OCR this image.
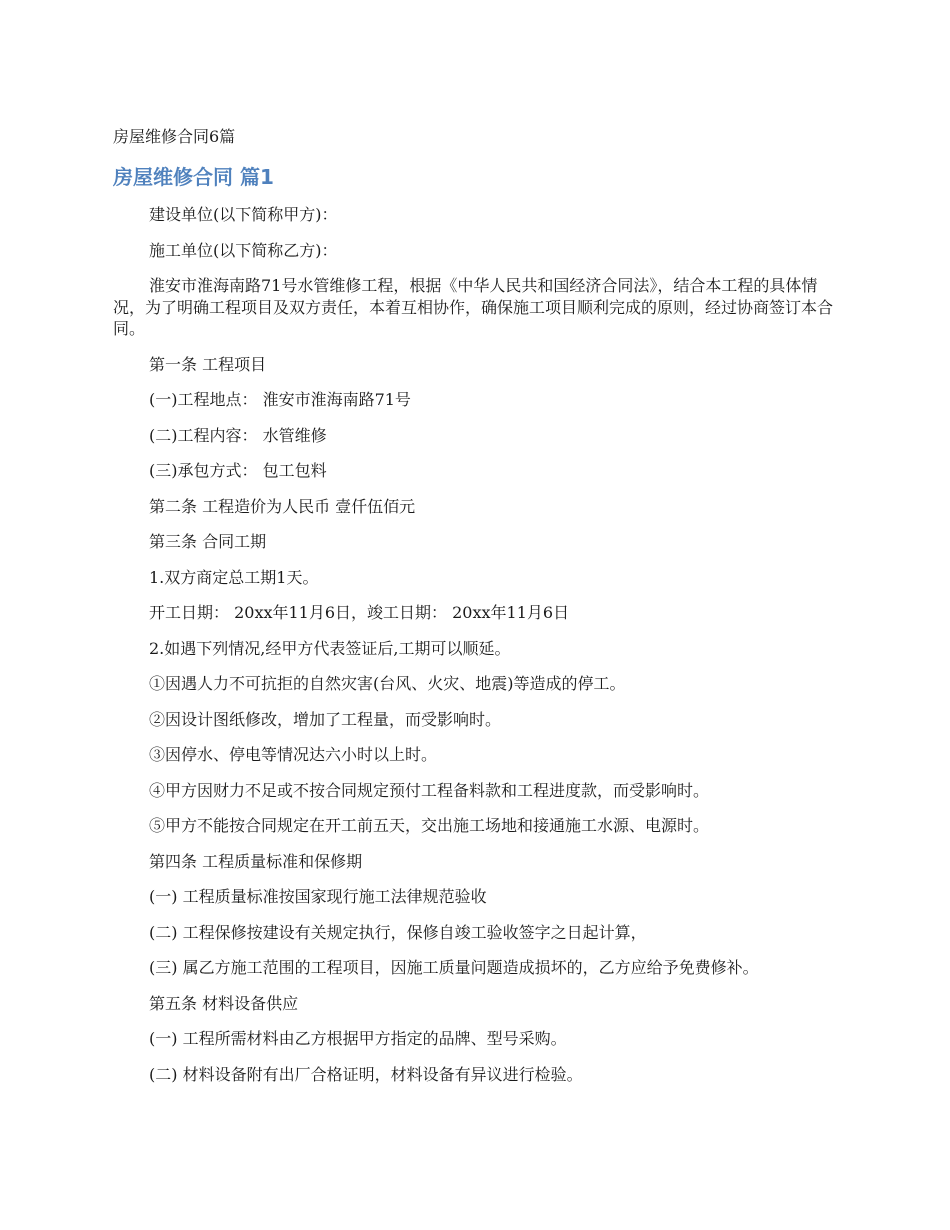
房屋维修合同6篇
房屋维修合同 篇1

建设单位(以下简称甲方)：

施工单位(以下简称乙方)：

淮安市淮海南路71号水管维修工程，根据《中华人民共和国经济合同法》，结合本工程的具体情况，为了明确工程项目及双方责任，本着互相协作，确保施工项目顺利完成的原则，经过协商签订本合同。

第一条 工程项目

(一)工程地点： 淮安市淮海南路71号

(二)工程内容： 水管维修

(三)承包方式： 包工包料

第二条 工程造价为人民币 壹仟伍佰元

第三条 合同工期

1.双方商定总工期1天。

开工日期： 20xx年11月6日，竣工日期： 20xx年11月6日

2.如遇下列情况,经甲方代表签证后,工期可以顺延。

①因遇人力不可抗拒的自然灾害(台风、火灾、地震)等造成的停工。

②因设计图纸修改，增加了工程量，而受影响时。

③因停水、停电等情况达六小时以上时。

④甲方因财力不足或不按合同规定预付工程备料款和工程进度款，而受影响时。

⑤甲方不能按合同规定在开工前五天，交出施工场地和接通施工水源、电源时。

第四条 工程质量标准和保修期

(一) 工程质量标准按国家现行施工法律规范验收

(二) 工程保修按建设有关规定执行，保修自竣工验收签字之日起计算，

(三) 属乙方施工范围的工程项目，因施工质量问题造成损坏的，乙方应给予免费修补。

第五条 材料设备供应

(一) 工程所需材料由乙方根据甲方指定的品牌、型号采购。

(二) 材料设备附有出厂合格证明，材料设备有异议进行检验。
